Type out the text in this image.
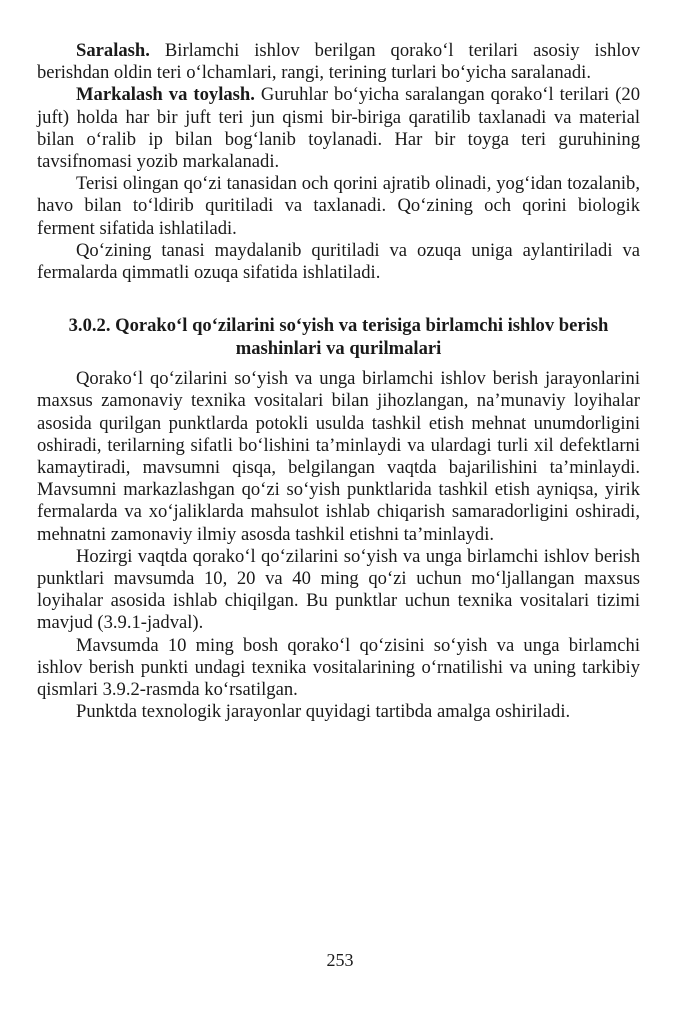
Saralash. Birlamchi ishlov berilgan qorako‘l terilari asosiy ishlov berishdan oldin teri o‘lchamlari, rangi, terining turlari bo‘yicha saralanadi.

Markalash va toylash. Guruhlar bo‘yicha saralangan qorako‘l terilari (20 juft) holda har bir juft teri jun qismi bir-biriga qaratilib taxlanadi va material bilan o‘ralib ip bilan bog‘lanib toylanadi. Har bir toyga teri guruhining tavsifnomasi yozib markalanadi.

Terisi olingan qo‘zi tanasidan och qorini ajratib olinadi, yog‘idan tozalanib, havo bilan to‘ldirib quritiladi va taxlanadi. Qo‘zining och qorini biologik ferment sifatida ishlatiladi.

Qo‘zining tanasi maydalanib quritiladi va ozuqa uniga aylantiriladi va fermalarda qimmatli ozuqa sifatida ishlatiladi.

3.0.2. Qorako‘l qo‘zilarini so‘yish va terisiga birlamchi ishlov berish mashinlari va qurilmalari

Qorako‘l qo‘zilarini so‘yish va unga birlamchi ishlov berish jarayonlarini maxsus zamonaviy texnika vositalari bilan jihozlangan, na’munaviy loyihalar asosida qurilgan punktlarda potokli usulda tashkil etish mehnat unumdorligini oshiradi, terilarning sifatli bo‘lishini ta’minlaydi va ulardagi turli xil defektlarni kamaytiradi, mavsumni qisqa, belgilangan vaqtda bajarilishini ta’minlaydi. Mavsumni markazlashgan qo‘zi so‘yish punktlarida tashkil etish ayniqsa, yirik fermalarda va xo‘jaliklarda mahsulot ishlab chiqarish samaradorligini oshiradi, mehnatni zamonaviy ilmiy asosda tashkil etishni ta’minlaydi.

Hozirgi vaqtda qorako‘l qo‘zilarini so‘yish va unga birlamchi ishlov berish punktlari mavsumda 10, 20 va 40 ming qo‘zi uchun mo‘ljallangan maxsus loyihalar asosida ishlab chiqilgan. Bu punktlar uchun texnika vositalari tizimi mavjud (3.9.1-jadval).

Mavsumda 10 ming bosh qorako‘l qo‘zisini so‘yish va unga birlamchi ishlov berish punkti undagi texnika vositalarining o‘rnatilishi va uning tarkibiy qismlari 3.9.2-rasmda ko‘rsatilgan.

Punktda texnologik jarayonlar quyidagi tartibda amalga oshiriladi.

253
